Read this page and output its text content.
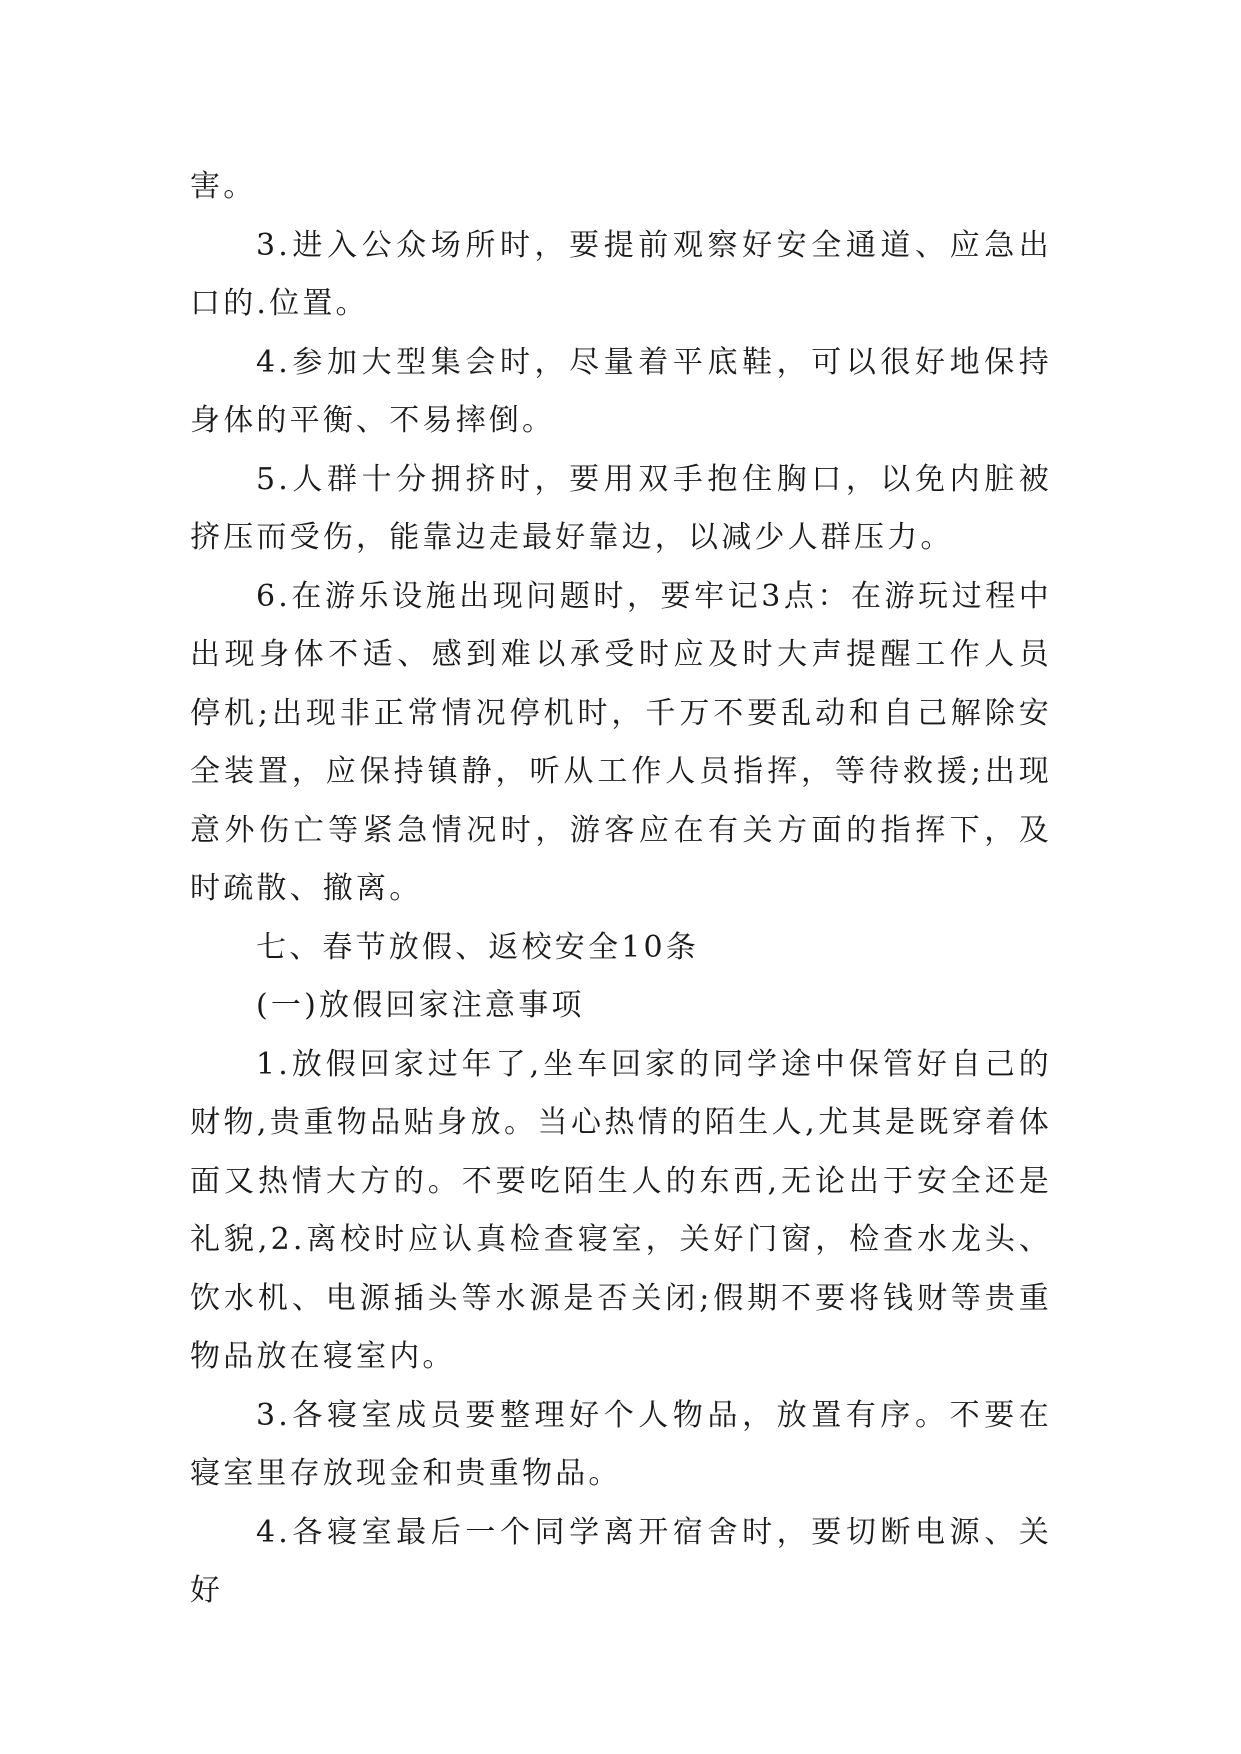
害。

3.进入公众场所时，要提前观察好安全通道、应急出口的.位置。

4.参加大型集会时，尽量着平底鞋，可以很好地保持身体的平衡、不易摔倒。

5.人群十分拥挤时，要用双手抱住胸口，以免内脏被挤压而受伤，能靠边走最好靠边，以减少人群压力。

6.在游乐设施出现问题时，要牢记3点：在游玩过程中出现身体不适、感到难以承受时应及时大声提醒工作人员停机;出现非正常情况停机时，千万不要乱动和自己解除安全装置，应保持镇静，听从工作人员指挥，等待救援;出现意外伤亡等紧急情况时，游客应在有关方面的指挥下，及时疏散、撤离。

七、春节放假、返校安全10条

(一)放假回家注意事项

1.放假回家过年了,坐车回家的同学途中保管好自己的财物,贵重物品贴身放。当心热情的陌生人,尤其是既穿着体面又热情大方的。不要吃陌生人的东西,无论出于安全还是礼貌,2.离校时应认真检查寝室，关好门窗，检查水龙头、饮水机、电源插头等水源是否关闭;假期不要将钱财等贵重物品放在寝室内。

3.各寝室成员要整理好个人物品，放置有序。不要在寝室里存放现金和贵重物品。

4.各寝室最后一个同学离开宿舍时，要切断电源、关好
